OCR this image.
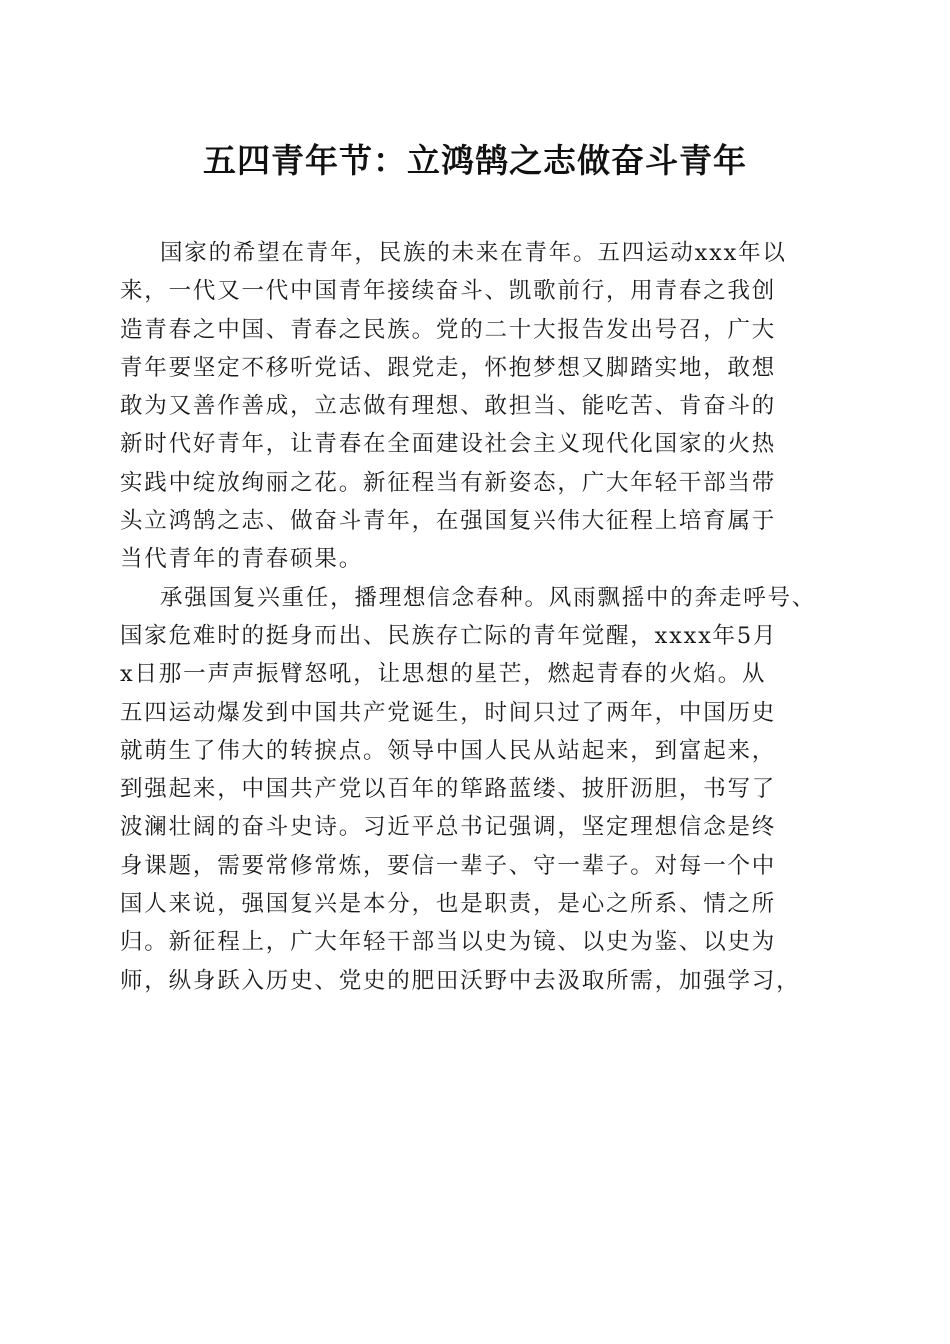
五四青年节：立鸿鹄之志做奋斗青年
国家的希望在青年，民族的未来在青年。五四运动xxx年以
来，一代又一代中国青年接续奋斗、凯歌前行，用青春之我创
造青春之中国、青春之民族。党的二十大报告发出号召，广大
青年要坚定不移听党话、跟党走，怀抱梦想又脚踏实地，敢想
敢为又善作善成，立志做有理想、敢担当、能吃苦、肯奋斗的
新时代好青年，让青春在全面建设社会主义现代化国家的火热
实践中绽放绚丽之花。新征程当有新姿态，广大年轻干部当带
头立鸿鹄之志、做奋斗青年，在强国复兴伟大征程上培育属于
当代青年的青春硕果。
承强国复兴重任，播理想信念春种。风雨飘摇中的奔走呼号、
国家危难时的挺身而出、民族存亡际的青年觉醒，xxxx年5月
x日那一声声振臂怒吼，让思想的星芒，燃起青春的火焰。从
五四运动爆发到中国共产党诞生，时间只过了两年，中国历史
就萌生了伟大的转捩点。领导中国人民从站起来，到富起来，
到强起来，中国共产党以百年的筚路蓝缕、披肝沥胆，书写了
波澜壮阔的奋斗史诗。习近平总书记强调，坚定理想信念是终
身课题，需要常修常炼，要信一辈子、守一辈子。对每一个中
国人来说，强国复兴是本分，也是职责，是心之所系、情之所
归。新征程上，广大年轻干部当以史为镜、以史为鉴、以史为
师，纵身跃入历史、党史的肥田沃野中去汲取所需，加强学习，
